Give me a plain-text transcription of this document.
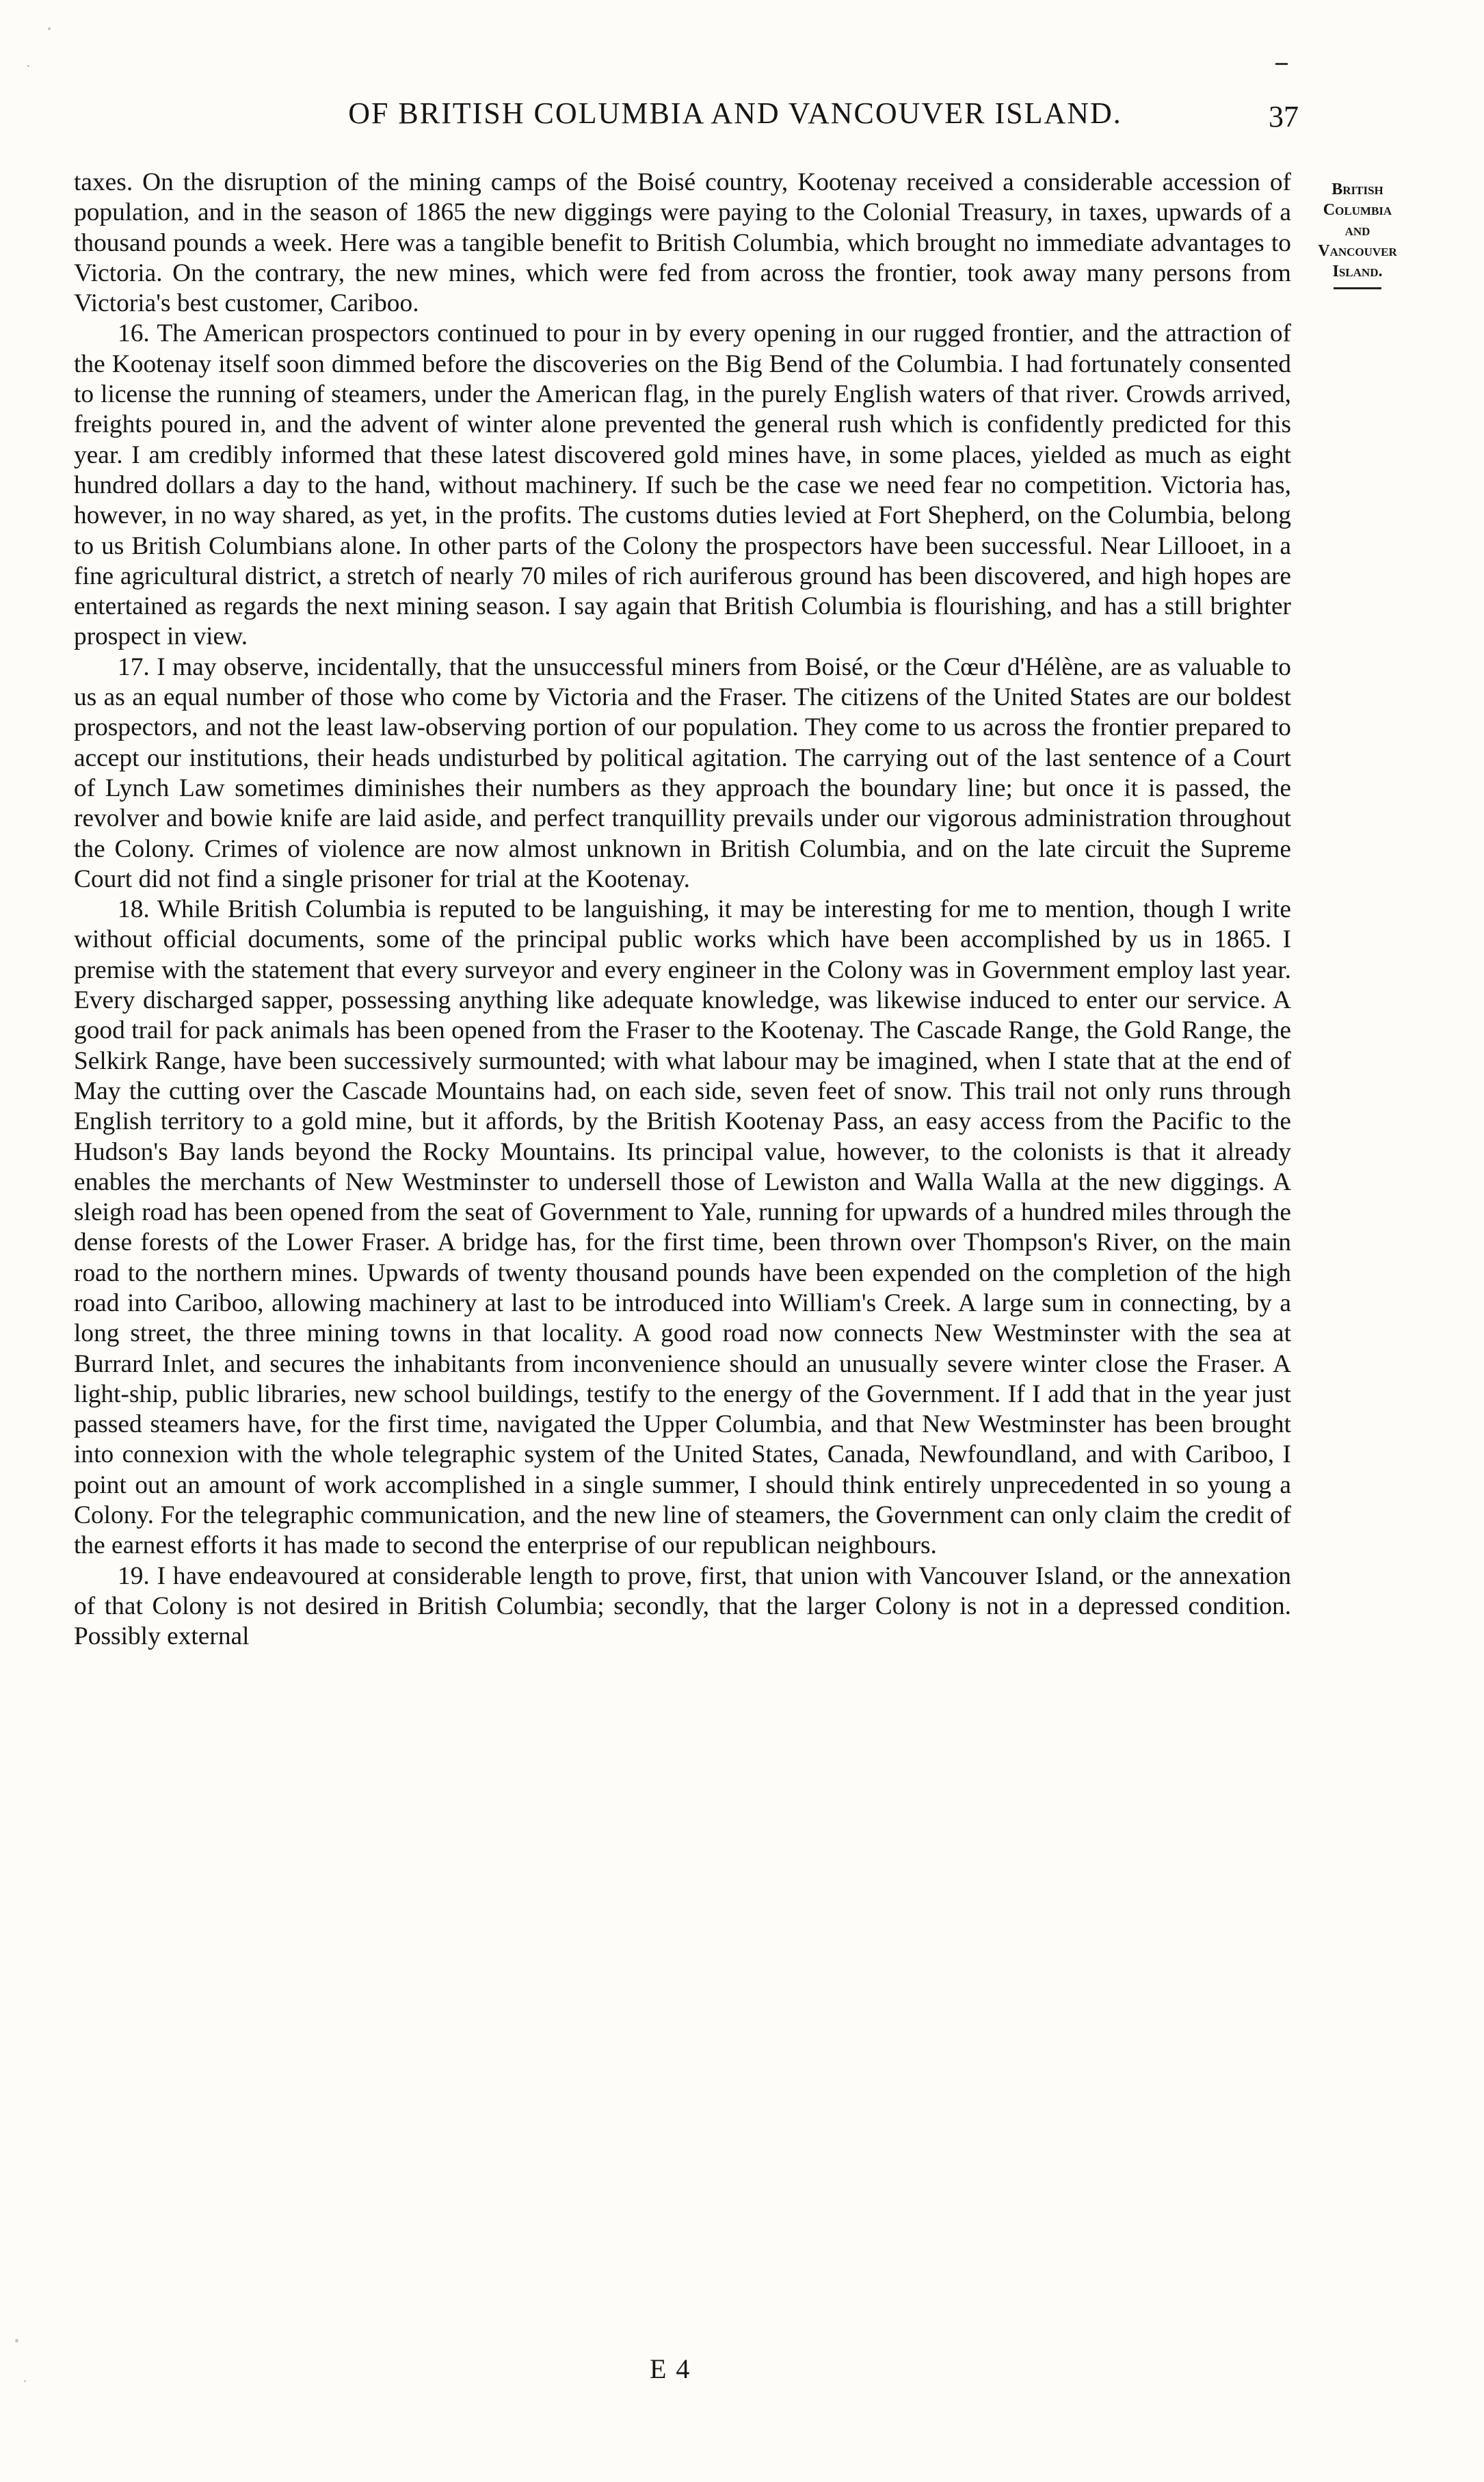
OF BRITISH COLUMBIA AND VANCOUVER ISLAND.	37
British
Columbia
and
Vancouver
Island.

taxes. On the disruption of the mining camps of the Boisé country, Kootenay received a considerable accession of population, and in the season of 1865 the new diggings were paying to the Colonial Treasury, in taxes, upwards of a thousand pounds a week. Here was a tangible benefit to British Columbia, which brought no immediate advantages to Victoria. On the contrary, the new mines, which were fed from across the frontier, took away many persons from Victoria's best customer, Cariboo.

16. The American prospectors continued to pour in by every opening in our rugged frontier, and the attraction of the Kootenay itself soon dimmed before the discoveries on the Big Bend of the Columbia. I had fortunately consented to license the running of steamers, under the American flag, in the purely English waters of that river. Crowds arrived, freights poured in, and the advent of winter alone prevented the general rush which is confidently predicted for this year. I am credibly informed that these latest discovered gold mines have, in some places, yielded as much as eight hundred dollars a day to the hand, without machinery. If such be the case we need fear no competition. Victoria has, however, in no way shared, as yet, in the profits. The customs duties levied at Fort Shepherd, on the Columbia, belong to us British Columbians alone. In other parts of the Colony the prospectors have been successful. Near Lillooet, in a fine agricultural district, a stretch of nearly 70 miles of rich auriferous ground has been discovered, and high hopes are entertained as regards the next mining season. I say again that British Columbia is flourishing, and has a still brighter prospect in view.

17. I may observe, incidentally, that the unsuccessful miners from Boisé, or the Cœur d'Hélène, are as valuable to us as an equal number of those who come by Victoria and the Fraser. The citizens of the United States are our boldest prospectors, and not the least law-observing portion of our population. They come to us across the frontier prepared to accept our institutions, their heads undisturbed by political agitation. The carrying out of the last sentence of a Court of Lynch Law sometimes diminishes their numbers as they approach the boundary line; but once it is passed, the revolver and bowie knife are laid aside, and perfect tranquillity prevails under our vigorous administration throughout the Colony. Crimes of violence are now almost unknown in British Columbia, and on the late circuit the Supreme Court did not find a single prisoner for trial at the Kootenay.

18. While British Columbia is reputed to be languishing, it may be interesting for me to mention, though I write without official documents, some of the principal public works which have been accomplished by us in 1865. I premise with the statement that every surveyor and every engineer in the Colony was in Government employ last year. Every discharged sapper, possessing anything like adequate knowledge, was likewise induced to enter our service. A good trail for pack animals has been opened from the Fraser to the Kootenay. The Cascade Range, the Gold Range, the Selkirk Range, have been successively surmounted; with what labour may be imagined, when I state that at the end of May the cutting over the Cascade Mountains had, on each side, seven feet of snow. This trail not only runs through English territory to a gold mine, but it affords, by the British Kootenay Pass, an easy access from the Pacific to the Hudson's Bay lands beyond the Rocky Mountains. Its principal value, however, to the colonists is that it already enables the merchants of New Westminster to undersell those of Lewiston and Walla Walla at the new diggings. A sleigh road has been opened from the seat of Government to Yale, running for upwards of a hundred miles through the dense forests of the Lower Fraser. A bridge has, for the first time, been thrown over Thompson's River, on the main road to the northern mines. Upwards of twenty thousand pounds have been expended on the completion of the high road into Cariboo, allowing machinery at last to be introduced into William's Creek. A large sum in connecting, by a long street, the three mining towns in that locality. A good road now connects New Westminster with the sea at Burrard Inlet, and secures the inhabitants from inconvenience should an unusually severe winter close the Fraser. A light-ship, public libraries, new school buildings, testify to the energy of the Government. If I add that in the year just passed steamers have, for the first time, navigated the Upper Columbia, and that New Westminster has been brought into connexion with the whole telegraphic system of the United States, Canada, Newfoundland, and with Cariboo, I point out an amount of work accomplished in a single summer, I should think entirely unprecedented in so young a Colony. For the telegraphic communication, and the new line of steamers, the Government can only claim the credit of the earnest efforts it has made to second the enterprise of our republican neighbours.

19. I have endeavoured at considerable length to prove, first, that union with Vancouver Island, or the annexation of that Colony is not desired in British Columbia; secondly, that the larger Colony is not in a depressed condition. Possibly external

E 4
